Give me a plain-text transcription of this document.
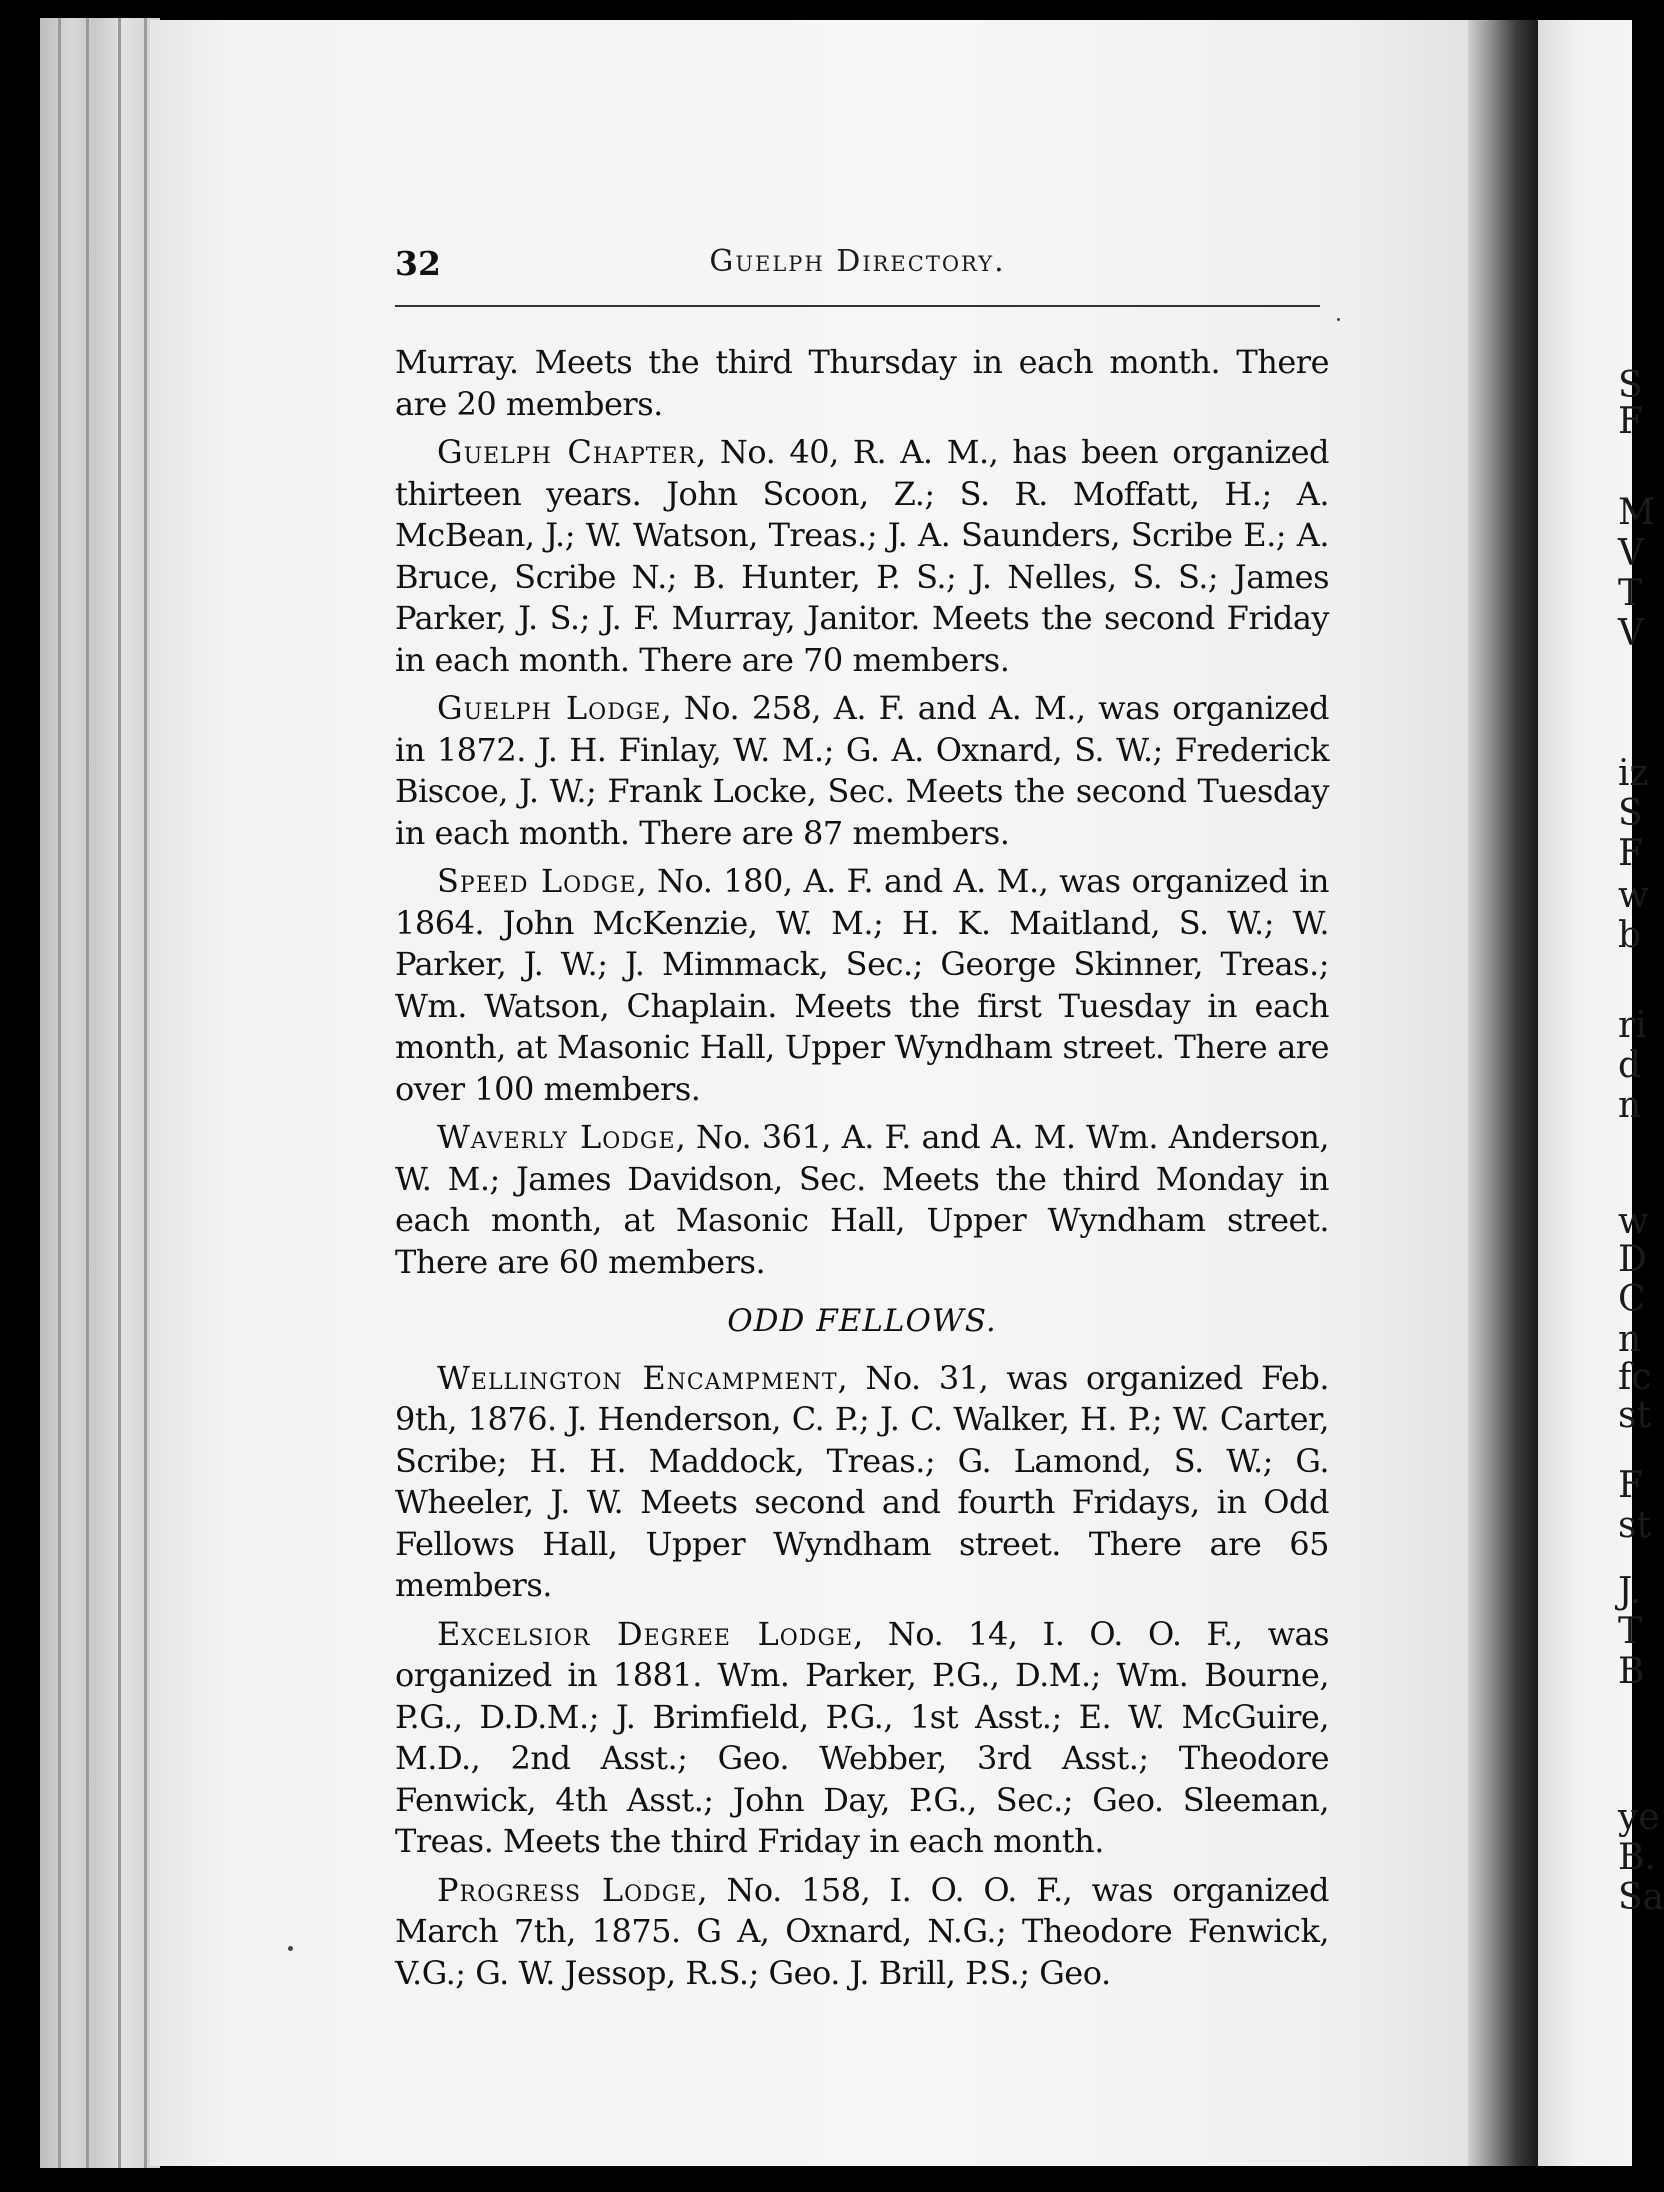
S
F
M
V
T
V
iz
S
F
w
b
ri
d
n
w
D
C
n
fc
st
F
st
J.
T
B
ye
B.
Sa
32	Guelph Directory.

Murray. Meets the third Thursday in each month. There are 20 members.

Guelph Chapter, No. 40, R. A. M., has been organized thirteen years. John Scoon, Z.; S. R. Moffatt, H.; A. McBean, J.; W. Watson, Treas.; J. A. Saunders, Scribe E.; A. Bruce, Scribe N.; B. Hunter, P. S.; J. Nelles, S. S.; James Parker, J. S.; J. F. Murray, Janitor. Meets the second Friday in each month. There are 70 members.

Guelph Lodge, No. 258, A. F. and A. M., was organized in 1872. J. H. Finlay, W. M.; G. A. Oxnard, S. W.; Frederick Biscoe, J. W.; Frank Locke, Sec. Meets the second Tuesday in each month. There are 87 members.

Speed Lodge, No. 180, A. F. and A. M., was organized in 1864. John McKenzie, W. M.; H. K. Maitland, S. W.; W. Parker, J. W.; J. Mimmack, Sec.; George Skinner, Treas.; Wm. Watson, Chaplain. Meets the first Tuesday in each month, at Masonic Hall, Upper Wyndham street. There are over 100 members.

Waverly Lodge, No. 361, A. F. and A. M. Wm. Anderson, W. M.; James Davidson, Sec. Meets the third Monday in each month, at Masonic Hall, Upper Wyndham street. There are 60 members.

ODD FELLOWS.

Wellington Encampment, No. 31, was organized Feb. 9th, 1876. J. Henderson, C. P.; J. C. Walker, H. P.; W. Carter, Scribe; H. H. Maddock, Treas.; G. Lamond, S. W.; G. Wheeler, J. W. Meets second and fourth Fridays, in Odd Fellows Hall, Upper Wyndham street. There are 65 members.

Excelsior Degree Lodge, No. 14, I. O. O. F., was organized in 1881. Wm. Parker, P.G., D.M.; Wm. Bourne, P.G., D.D.M.; J. Brimfield, P.G., 1st Asst.; E. W. McGuire, M.D., 2nd Asst.; Geo. Webber, 3rd Asst.; Theodore Fenwick, 4th Asst.; John Day, P.G., Sec.; Geo. Sleeman, Treas. Meets the third Friday in each month.

Progress Lodge, No. 158, I. O. O. F., was organized March 7th, 1875. G A, Oxnard, N.G.; Theodore Fenwick, V.G.; G. W. Jessop, R.S.; Geo. J. Brill, P.S.; Geo.
